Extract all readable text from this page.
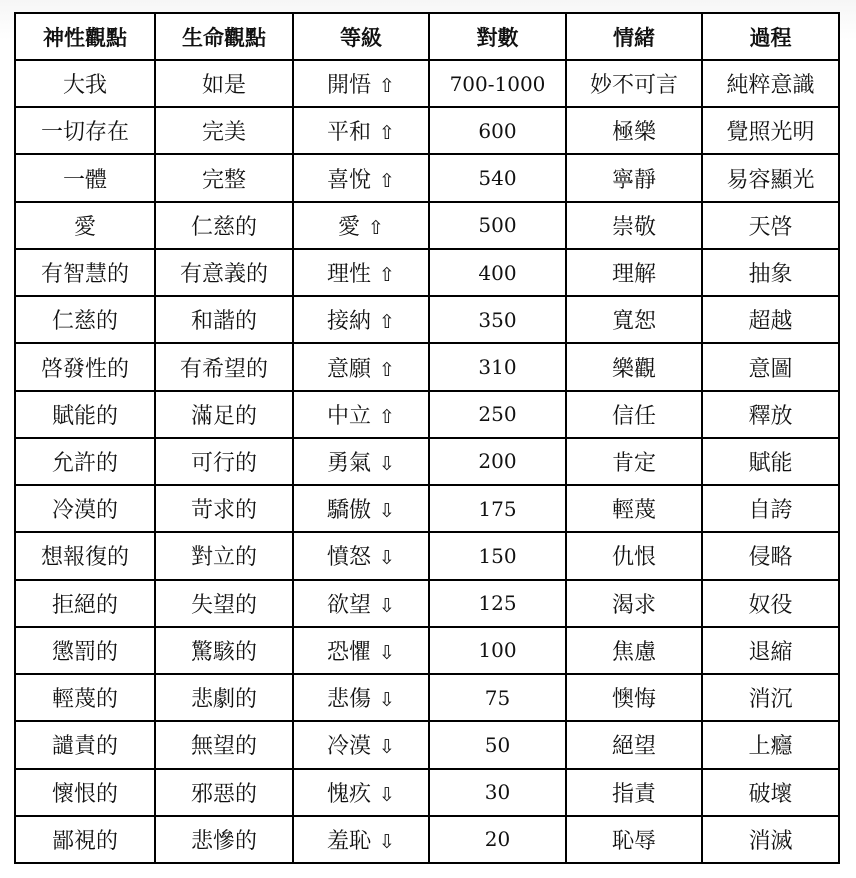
神性觀點	生命觀點	等級	對數	情緒	過程
大我	如是	開悟 ⇧	700-1000	妙不可言	純粹意識
一切存在	完美	平和 ⇧	600	極樂	覺照光明
一體	完整	喜悅 ⇧	540	寧靜	易容顯光
愛	仁慈的	愛 ⇧	500	崇敬	天啓
有智慧的	有意義的	理性 ⇧	400	理解	抽象
仁慈的	和諧的	接納 ⇧	350	寬恕	超越
啓發性的	有希望的	意願 ⇧	310	樂觀	意圖
賦能的	滿足的	中立 ⇧	250	信任	釋放
允許的	可行的	勇氣 ⇩	200	肯定	賦能
冷漠的	苛求的	驕傲 ⇩	175	輕蔑	自誇
想報復的	對立的	憤怒 ⇩	150	仇恨	侵略
拒絕的	失望的	欲望 ⇩	125	渴求	奴役
懲罰的	驚駭的	恐懼 ⇩	100	焦慮	退縮
輕蔑的	悲劇的	悲傷 ⇩	75	懊悔	消沉
譴責的	無望的	冷漠 ⇩	50	絕望	上癮
懷恨的	邪惡的	愧疚 ⇩	30	指責	破壞
鄙視的	悲慘的	羞恥 ⇩	20	恥辱	消滅
